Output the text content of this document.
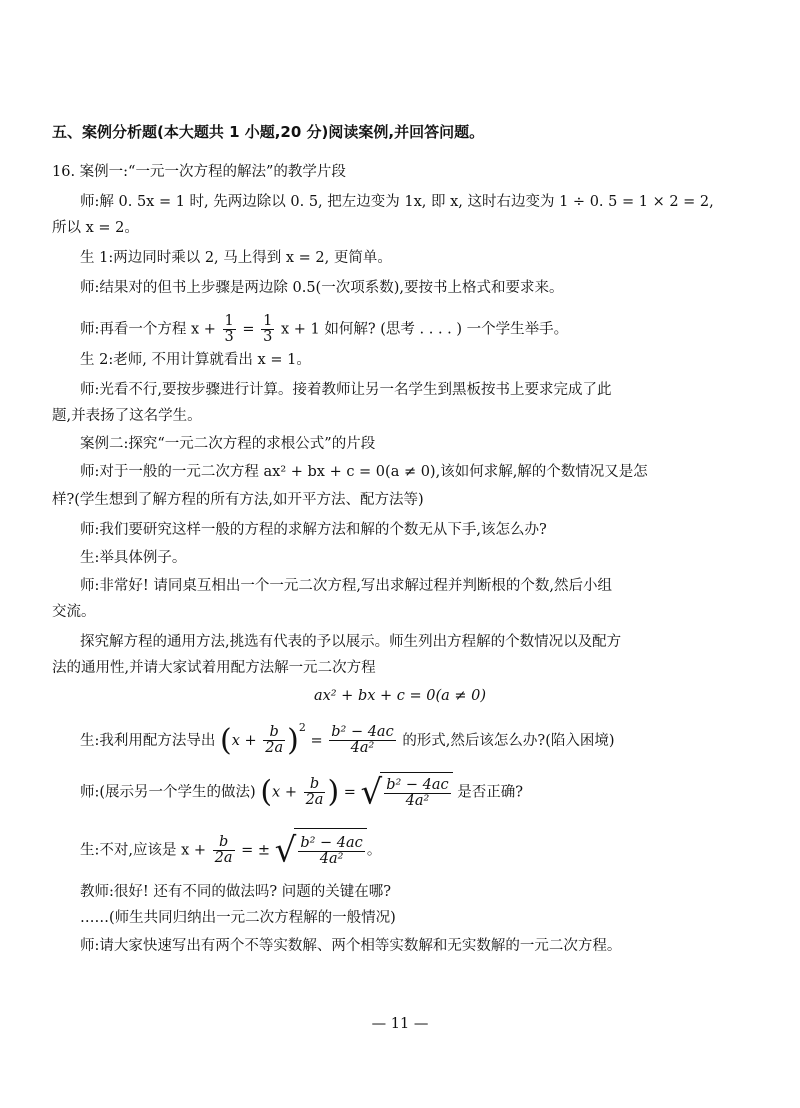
五、案例分析题(本大题共 1 小题,20 分)阅读案例,并回答问题。
16. 案例一:“一元一次方程的解法”的教学片段
师:解 0. 5x = 1 时, 先两边除以 0. 5, 把左边变为 1x, 即 x, 这时右边变为 1 ÷ 0. 5 = 1 × 2 = 2,
所以 x = 2。
生 1:两边同时乘以 2, 马上得到 x = 2, 更简单。
师:结果对的但书上步骤是两边除 0.5(一次项系数),要按书上格式和要求来。
师:再看一个方程 $x + \frac{1}{3} = \frac{1}{3}$ x + 1 如何解? (思考 . . . . ) 一个学生举手。
生 2:老师, 不用计算就看出 x = 1。
师:光看不行,要按步骤进行计算。接着教师让另一名学生到黑板按书上要求完成了此
题,并表扬了这名学生。
案例二:探究“一元二次方程的求根公式”的片段
师:对于一般的一元二次方程 ax² + bx + c = 0(a ≠ 0),该如何求解,解的个数情况又是怎
样?(学生想到了解方程的所有方法,如开平方法、配方法等)
师:我们要研究这样一般的方程的求解方法和解的个数无从下手,该怎么办?
生:举具体例子。
师:非常好! 请同桌互相出一个一元二次方程,写出求解过程并判断根的个数,然后小组
交流。
探究解方程的通用方法,挑选有代表的予以展示。师生列出方程解的个数情况以及配方
法的通用性,并请大家试着用配方法解一元二次方程
ax² + bx + c = 0(a ≠ 0)
生:我利用配方法导出 $(x + \frac{b}{2a} )^2 = \frac{\text{b² − 4ac}}{\text{4a²}}$ 的形式,然后该怎么办?(陷入困境)
师:(展示另一个学生的做法) ($x + \frac{b}{2a}$ ) = √ $\frac{\text{b² − 4ac}}{\text{4a²}}$ 是否正确?
生:不对,应该是 $x + \frac{b}{2a}$ = ± √ $\frac{\text{b² − 4ac}}{\text{4a²}}$ 。
教师:很好! 还有不同的做法吗? 问题的关键在哪?
……(师生共同归纳出一元二次方程解的一般情况)
师:请大家快速写出有两个不等实数解、两个相等实数解和无实数解的一元二次方程。
— 11 —
